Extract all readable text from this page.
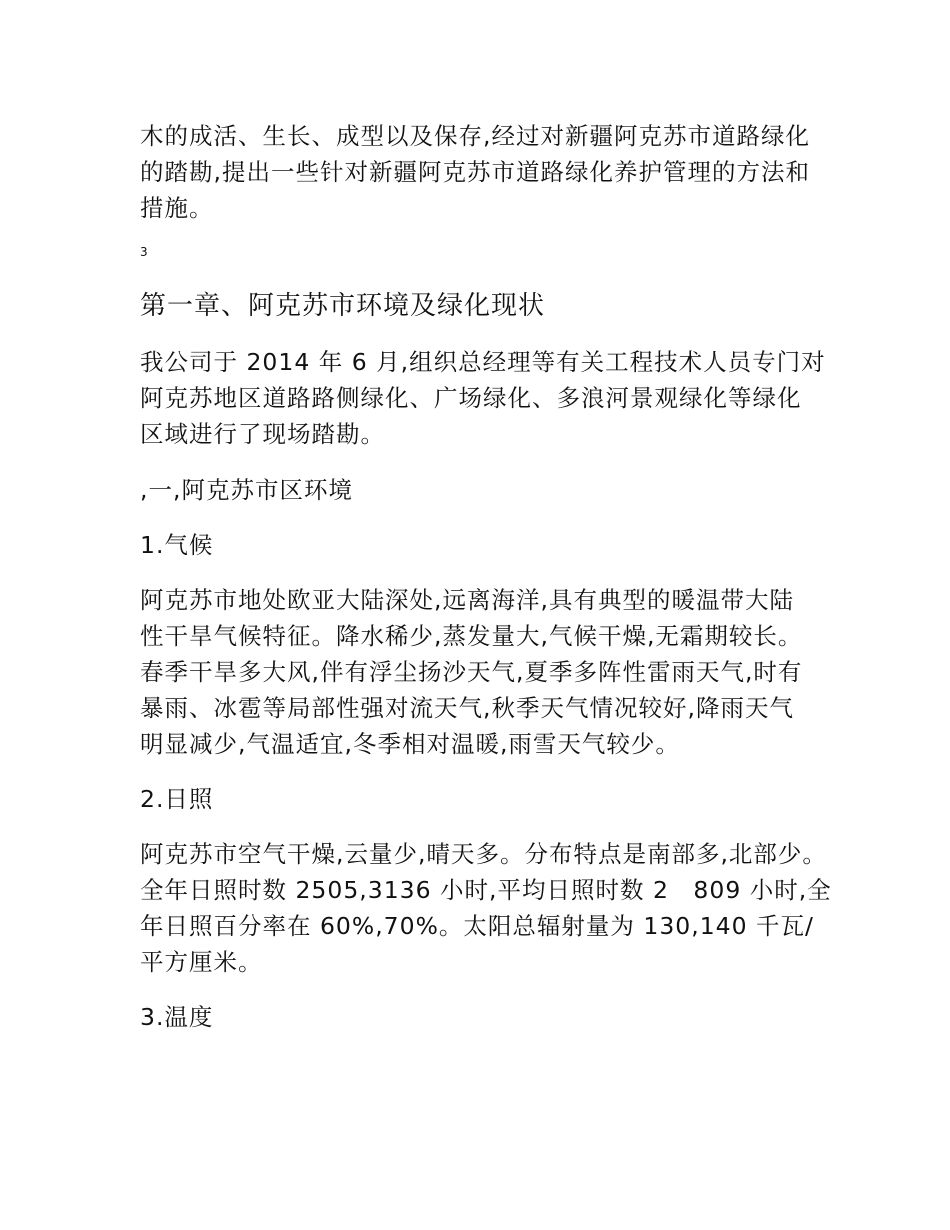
木的成活、生长、成型以及保存,经过对新疆阿克苏市道路绿化
的踏勘,提出一些针对新疆阿克苏市道路绿化养护管理的方法和
措施。

3
第一章、阿克苏市环境及绿化现状

我公司于 2014 年 6 月,组织总经理等有关工程技术人员专门对
阿克苏地区道路路侧绿化、广场绿化、多浪河景观绿化等绿化
区域进行了现场踏勘。

,一,阿克苏市区环境

1.气候

阿克苏市地处欧亚大陆深处,远离海洋,具有典型的暖温带大陆
性干旱气候特征。降水稀少,蒸发量大,气候干燥,无霜期较长。
春季干旱多大风,伴有浮尘扬沙天气,夏季多阵性雷雨天气,时有
暴雨、冰雹等局部性强对流天气,秋季天气情况较好,降雨天气
明显减少,气温适宜,冬季相对温暖,雨雪天气较少。

2.日照

阿克苏市空气干燥,云量少,晴天多。分布特点是南部多,北部少。
全年日照时数 2505,3136 小时,平均日照时数 2　809 小时,全
年日照百分率在 60%,70%。太阳总辐射量为 130,140 千瓦/
平方厘米。

3.温度
